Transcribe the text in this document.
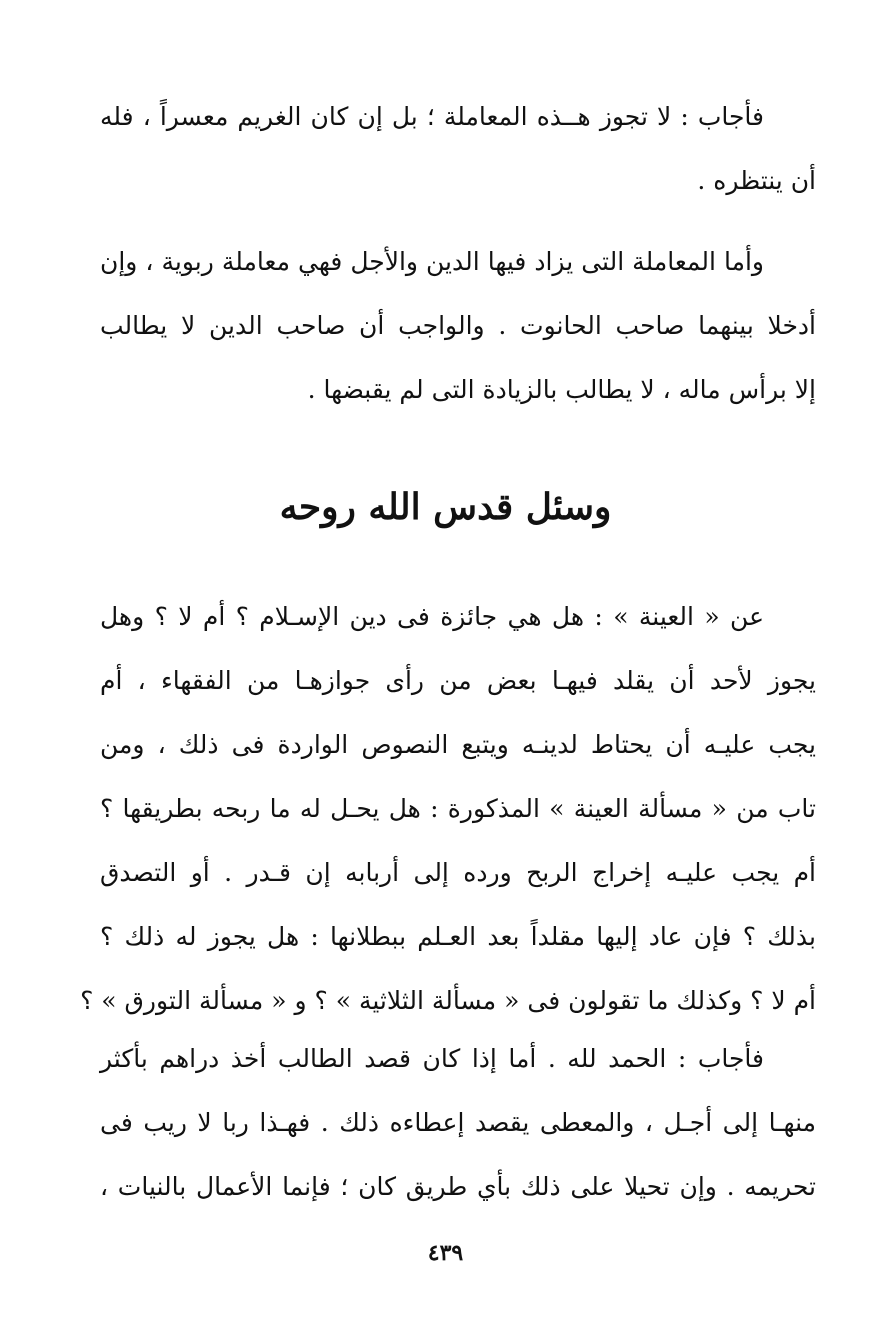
فأجاب : لا تجوز هــذه المعاملة ؛ بل إن كان الغريم معسراً ، فله
أن ينتظره .
وأما المعاملة التى يزاد فيها الدين والأجل فهي معاملة ربوية ، وإن
أدخلا بينهما صاحب الحانوت . والواجب أن صاحب الدين لا يطالب
إلا برأس ماله ، لا يطالب بالزيادة التى لم يقبضها .
وسئل قدس الله روحه
عن « العينة » : هل هي جائزة فى دين الإسـلام ؟ أم لا ؟ وهل
يجوز لأحد أن يقلد فيهـا بعض من رأى جوازهـا من الفقهاء ، أم
يجب عليـه أن يحتاط لدينـه ويتبع النصوص الواردة فى ذلك ، ومن
تاب من « مسألة العينة » المذكورة : هل يحـل له ما ربحه بطريقها ؟
أم يجب عليـه إخراج الربح ورده إلى أربابه إن قـدر . أو التصدق
بذلك ؟ فإن عاد إليها مقلداً بعد العـلم ببطلانها : هل يجوز له ذلك ؟
أم لا ؟ وكذلك ما تقولون فى « مسألة الثلاثية » ؟ و « مسألة التورق » ؟
فأجاب : الحمد لله . أما إذا كان قصد الطالب أخذ دراهم بأكثر
منهـا إلى أجـل ، والمعطى يقصد إعطاءه ذلك . فهـذا ربا لا ريب فى
تحريمه . وإن تحيلا على ذلك بأي طريق كان ؛ فإنما الأعمال بالنيات ،
٤٣٩
